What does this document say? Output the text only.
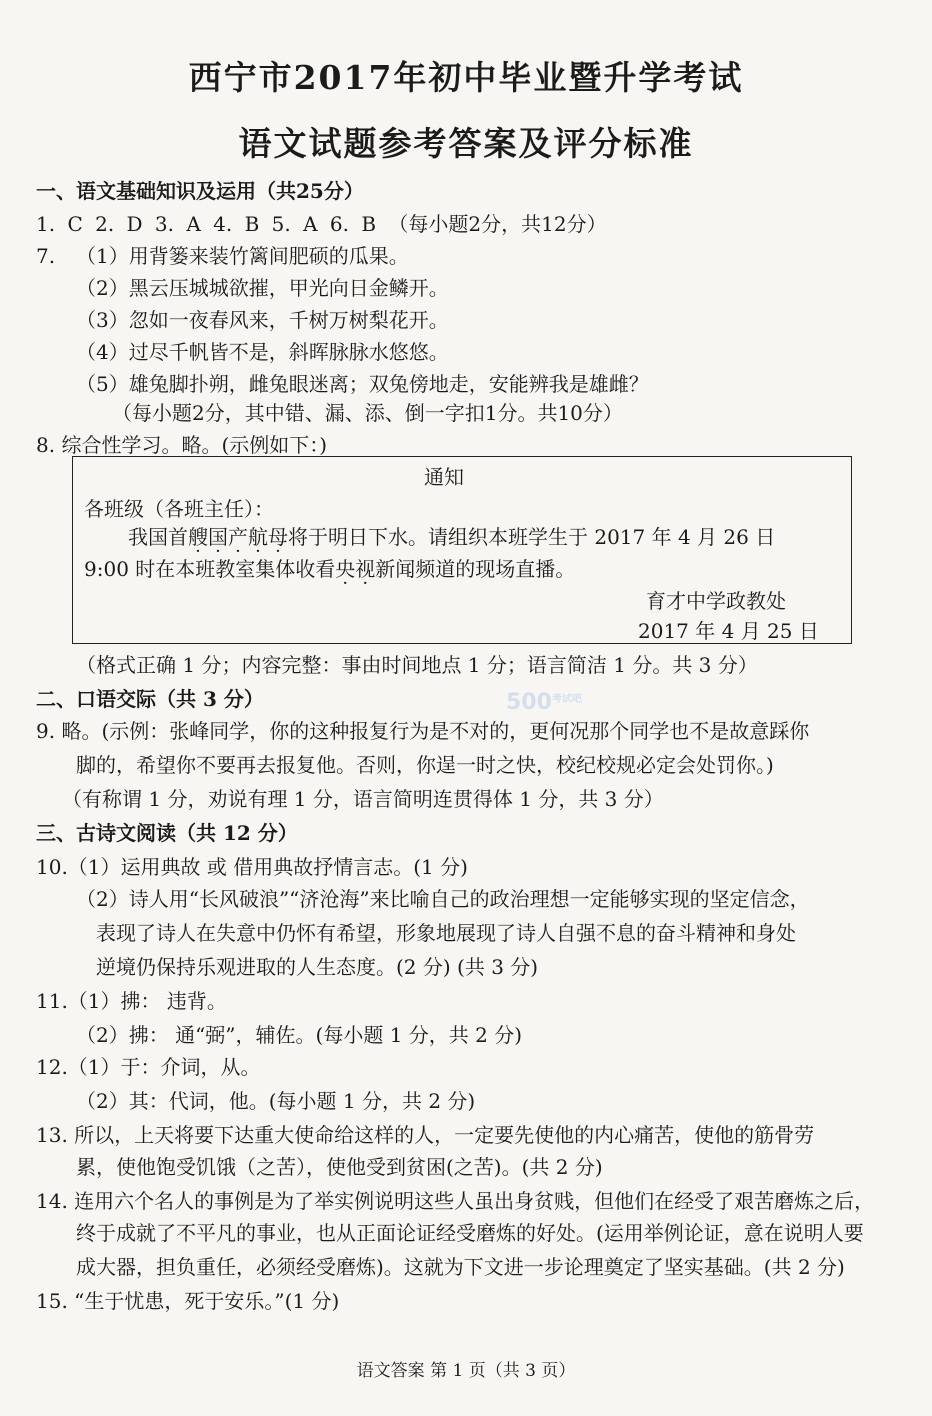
西宁市2017年初中毕业暨升学考试
语文试题参考答案及评分标准
一、语文基础知识及运用（共25分）
1. C 2. D 3. A 4. B 5. A 6. B （每小题2分，共12分）
7. （1）用背篓来装竹篱间肥硕的瓜果。
（2）黑云压城城欲摧，甲光向日金鳞开。
（3）忽如一夜春风来，千树万树梨花开。
（4）过尽千帆皆不是，斜晖脉脉水悠悠。
（5）雄兔脚扑朔，雌兔眼迷离；双兔傍地走，安能辨我是雄雌？
（每小题2分，其中错、漏、添、倒一字扣1分。共10分）
8. 综合性学习。略。(示例如下：)
通知
各班级（各班主任）：
我国首艘国产航母将于明日下水。请组织本班学生于 2017 年 4 月 26 日
9:00 时在本班教室集体收看央视新闻频道的现场直播。
育才中学政教处
2017 年 4 月 25 日
（格式正确 1 分；内容完整：事由时间地点 1 分；语言简洁 1 分。共 3 分）
二、口语交际（共 3 分）	$500^{考试吧}$
9. 略。(示例：张峰同学，你的这种报复行为是不对的，更何况那个同学也不是故意踩你
脚的，希望你不要再去报复他。否则，你逞一时之快，校纪校规必定会处罚你。)
（有称谓 1 分，劝说有理 1 分，语言简明连贯得体 1 分，共 3 分）
三、古诗文阅读（共 12 分）
10.（1）运用典故 或 借用典故抒情言志。(1 分)
（2）诗人用“长风破浪”“济沧海”来比喻自己的政治理想一定能够实现的坚定信念，
表现了诗人在失意中仍怀有希望，形象地展现了诗人自强不息的奋斗精神和身处
逆境仍保持乐观进取的人生态度。(2 分) (共 3 分)
11.（1）拂： 违背。
（2）拂： 通“弼”，辅佐。(每小题 1 分，共 2 分)
12.（1）于：介词，从。
（2）其：代词，他。(每小题 1 分，共 2 分)
13. 所以，上天将要下达重大使命给这样的人，一定要先使他的内心痛苦，使他的筋骨劳
累，使他饱受饥饿（之苦），使他受到贫困(之苦)。(共 2 分)
14. 连用六个名人的事例是为了举实例说明这些人虽出身贫贱，但他们在经受了艰苦磨炼之后，
终于成就了不平凡的事业，也从正面论证经受磨炼的好处。(运用举例论证，意在说明人要
成大器，担负重任，必须经受磨炼)。这就为下文进一步论理奠定了坚实基础。(共 2 分)
15. “生于忧患，死于安乐。”(1 分)
语文答案 第 1 页（共 3 页）
